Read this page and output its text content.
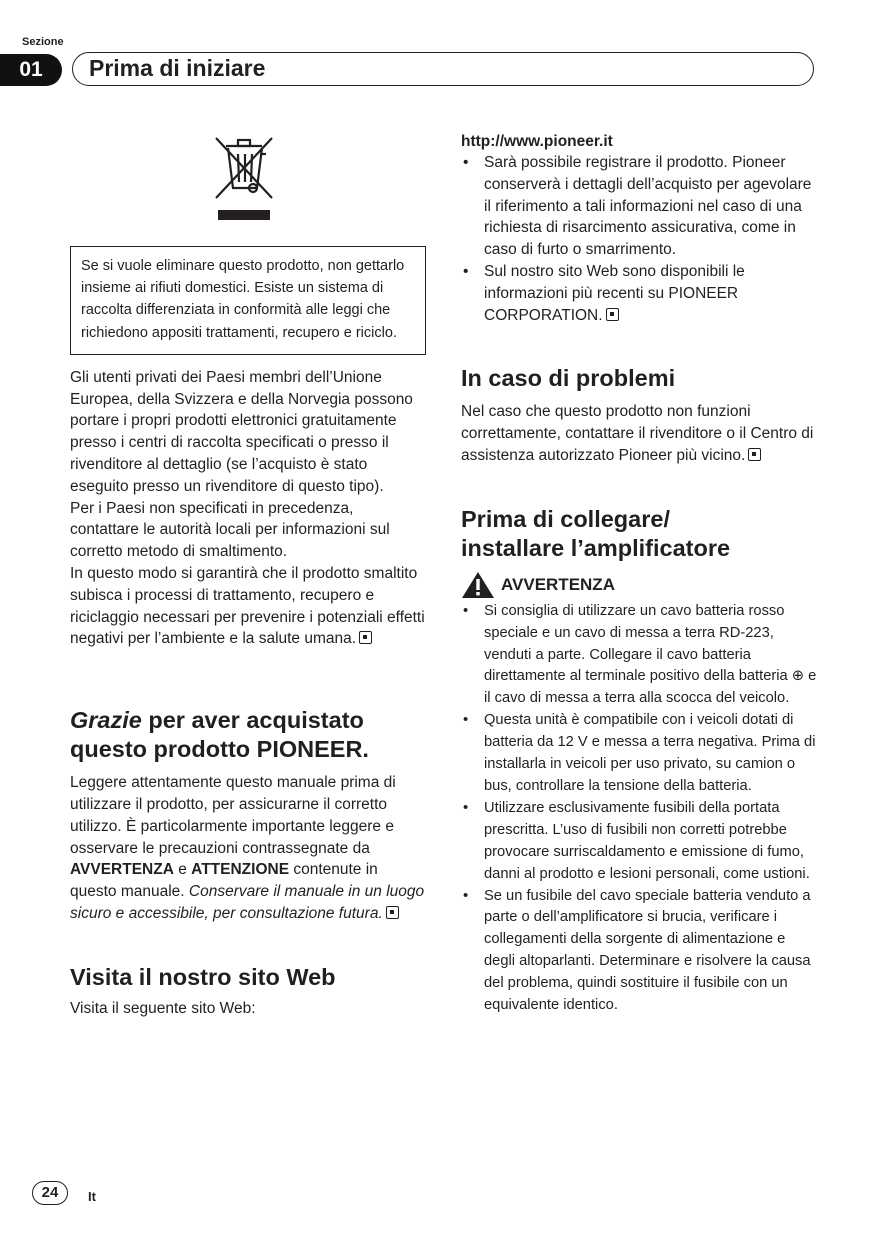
Sezione
01	Prima di iniziare
Se si vuole eliminare questo prodotto, non gettarlo insieme ai rifiuti domestici. Esiste un sistema di raccolta differenziata in conformità alle leggi che richiedono appositi trattamenti, recupero e riciclo.

Gli utenti privati dei Paesi membri dell’Unione Europea, della Svizzera e della Norvegia possono portare i propri prodotti elettronici gratuitamente presso i centri di raccolta specificati o presso il rivenditore al dettaglio (se l’acquisto è stato eseguito presso un rivenditore di questo tipo).

Per i Paesi non specificati in precedenza, contattare le autorità locali per informazioni sul corretto metodo di smaltimento.

In questo modo si garantirà che il prodotto smaltito subisca i processi di trattamento, recupero e riciclaggio necessari per prevenire i potenziali effetti negativi per l’ambiente e la salute umana.

Grazie per aver acquistato questo prodotto PIONEER.

Leggere attentamente questo manuale prima di utilizzare il prodotto, per assicurarne il corretto utilizzo. È particolarmente importante leggere e osservare le precauzioni contrassegnate da AVVERTENZA e ATTENZIONE contenute in questo manuale. Conservare il manuale in un luogo sicuro e accessibile, per consultazione futura.

Visita il nostro sito Web

Visita il seguente sito Web:

http://www.pioneer.it
• Sarà possibile registrare il prodotto. Pioneer conserverà i dettagli dell’acquisto per agevolare il riferimento a tali informazioni nel caso di una richiesta di risarcimento assicurativa, come in caso di furto o smarrimento.
• Sul nostro sito Web sono disponibili le informazioni più recenti su PIONEER CORPORATION.
In caso di problemi

Nel caso che questo prodotto non funzioni correttamente, contattare il rivenditore o il Centro di assistenza autorizzato Pioneer più vicino.

Prima di collegare/
installare l’amplificatore
AVVERTENZA
• Si consiglia di utilizzare un cavo batteria rosso speciale e un cavo di messa a terra RD-223, venduti a parte. Collegare il cavo batteria direttamente al terminale positivo della batteria ⊕ e il cavo di messa a terra alla scocca del veicolo.
• Questa unità è compatibile con i veicoli dotati di batteria da 12 V e messa a terra negativa. Prima di installarla in veicoli per uso privato, su camion o bus, controllare la tensione della batteria.
• Utilizzare esclusivamente fusibili della portata prescritta. L’uso di fusibili non corretti potrebbe provocare surriscaldamento e emissione di fumo, danni al prodotto e lesioni personali, come ustioni.
• Se un fusibile del cavo speciale batteria venduto a parte o dell’amplificatore si brucia, verificare i collegamenti della sorgente di alimentazione e degli altoparlanti. Determinare e risolvere la causa del problema, quindi sostituire il fusibile con un equivalente identico.
24	It
